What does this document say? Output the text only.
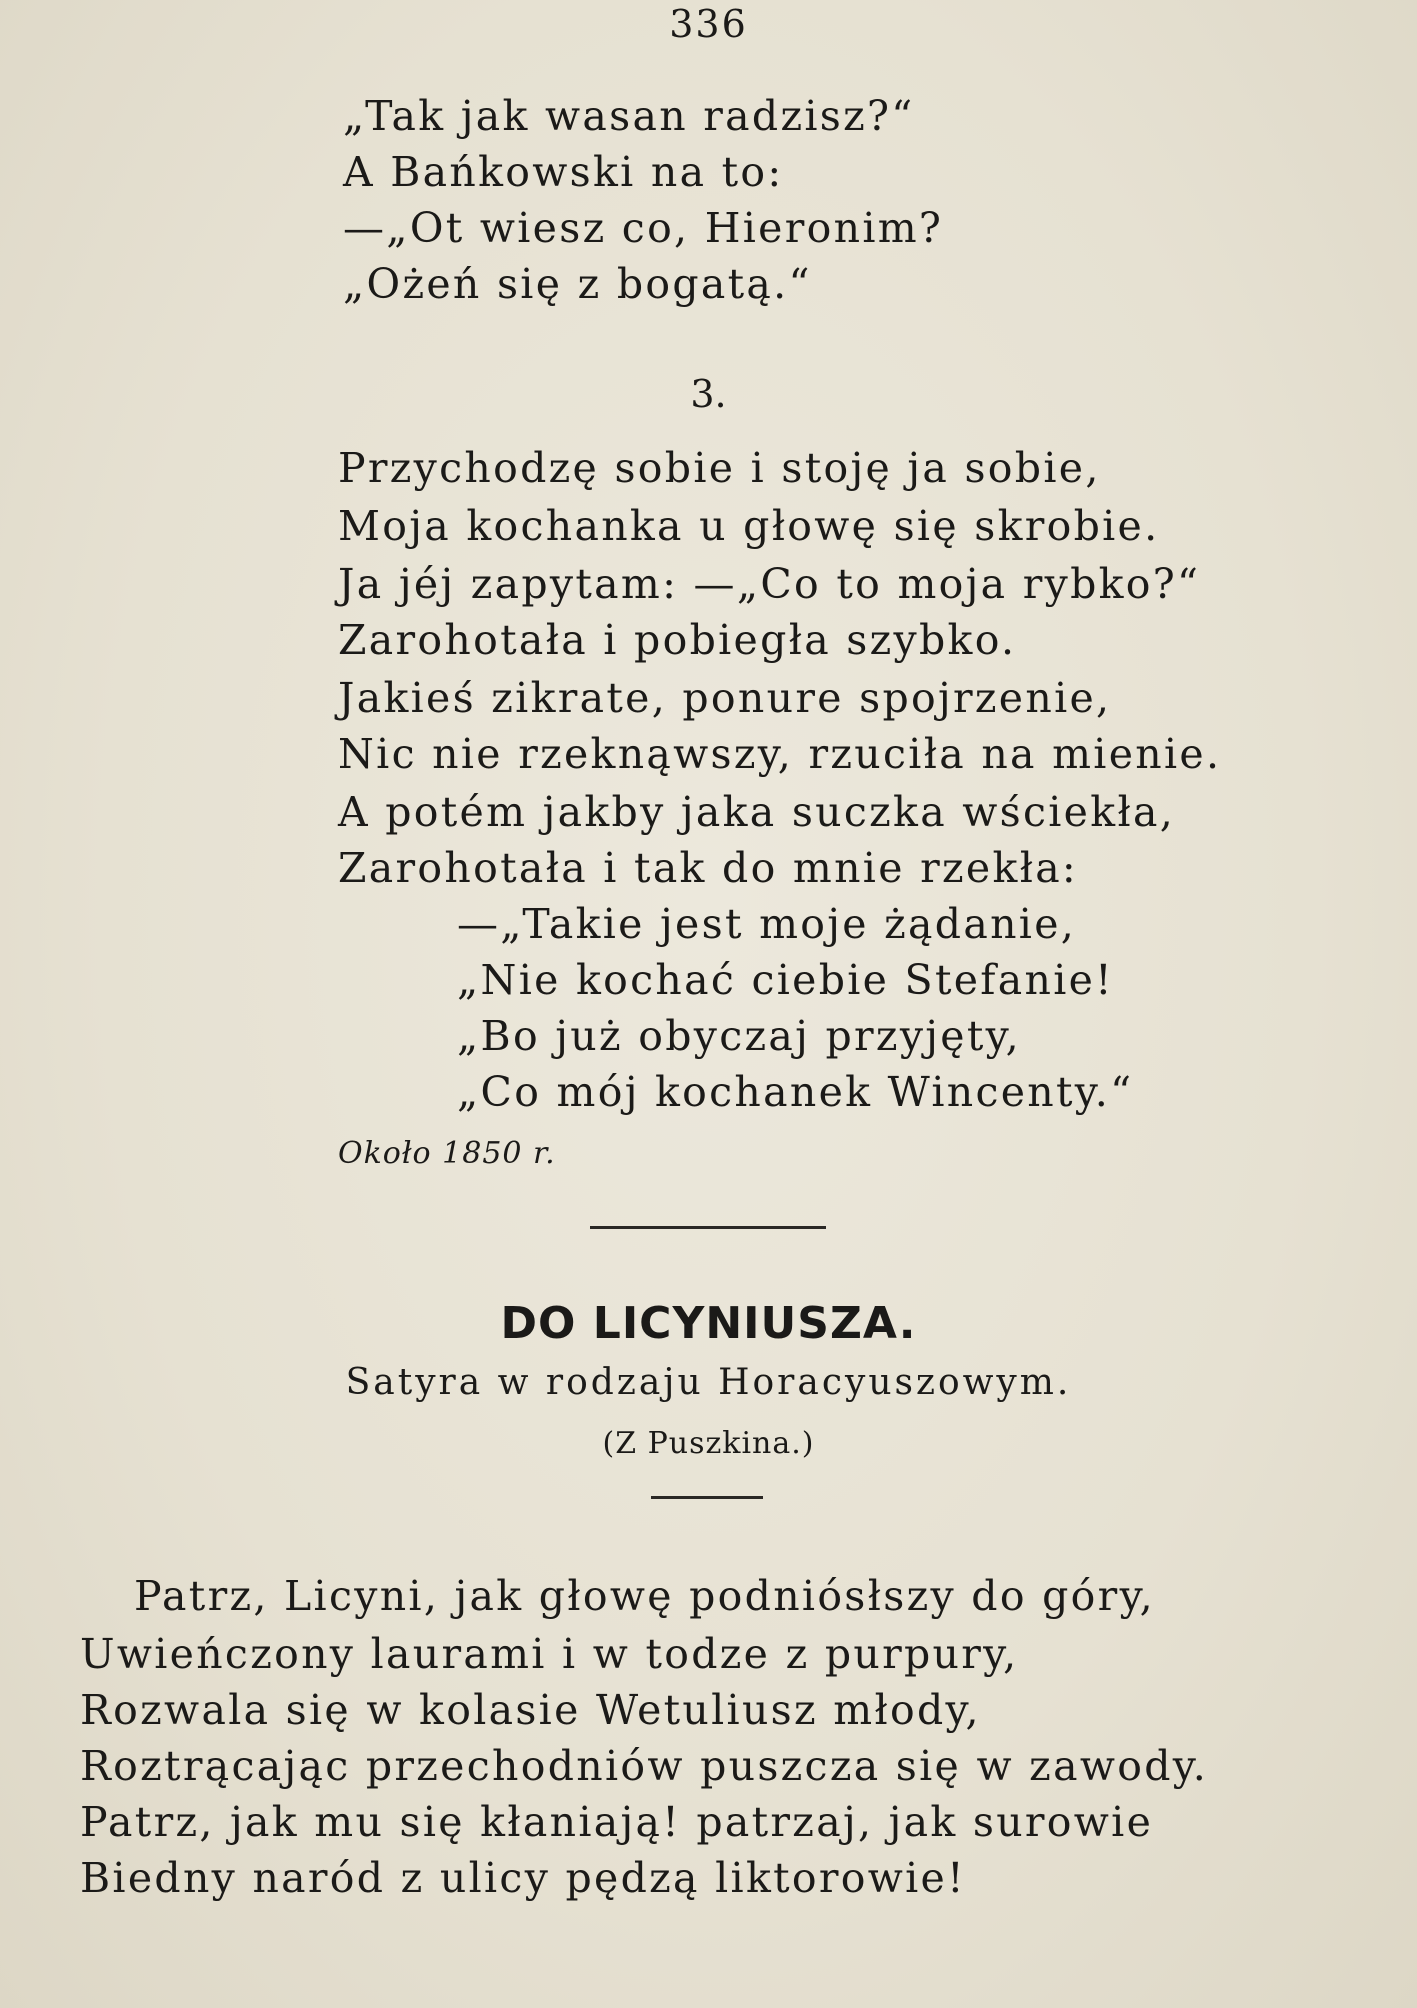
336
„Tak jak wasan radzisz?“
A Bańkowski na to:
—„Ot wiesz co, Hieronim?
„Ożeń się z bogatą.“
3.
Przychodzę sobie i stoję ja sobie,
Moja kochanka u głowę się skrobie.
Ja jéj zapytam: —„Co to moja rybko?“
Zarohotała i pobiegła szybko.
Jakieś zikrate, ponure spojrzenie,
Nic nie rzeknąwszy, rzuciła na mienie.
A potém jakby jaka suczka wściekła,
Zarohotała i tak do mnie rzekła:
—„Takie jest moje żądanie,
„Nie kochać ciebie Stefanie!
„Bo już obyczaj przyjęty,
„Co mój kochanek Wincenty.“
Około 1850 r.
DO LICYNIUSZA.
Satyra w rodzaju Horacyuszowym.
(Z Puszkina.)
Patrz, Licyni, jak głowę podniósłszy do góry,
Uwieńczony laurami i w todze z purpury,
Rozwala się w kolasie Wetuliusz młody,
Roztrącając przechodniów puszcza się w zawody.
Patrz, jak mu się kłaniają! patrzaj, jak surowie
Biedny naród z ulicy pędzą liktorowie!
